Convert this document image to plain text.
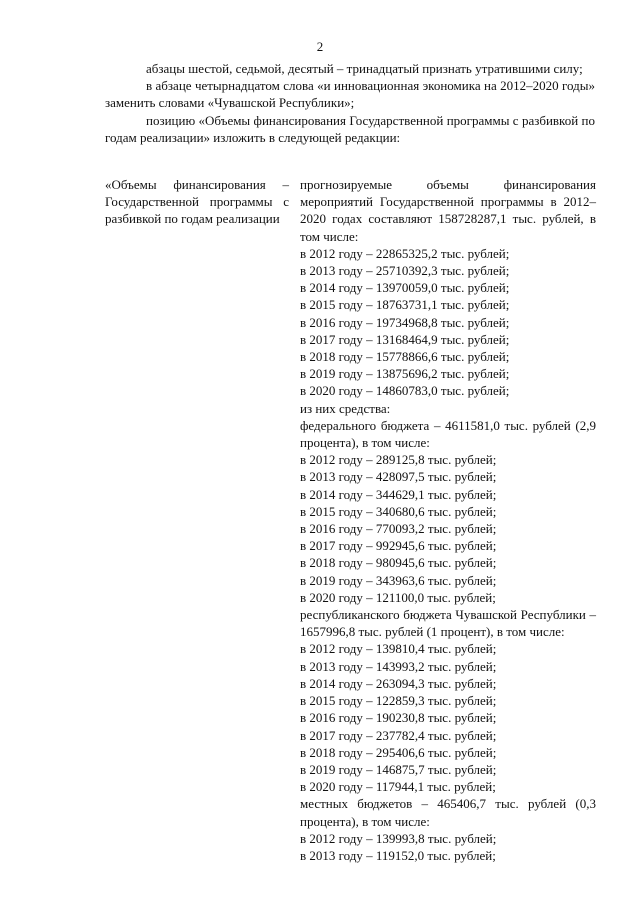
2

абзацы шестой, седьмой, десятый – тринадцатый признать утратившими силу;

в абзаце четырнадцатом слова «и инновационная экономика на 2012–2020 годы» заменить словами «Чувашской Республики»;

позицию «Объемы финансирования Государственной программы с разбивкой по годам реализации» изложить в следующей редакции:

«Объемы финансирования – Государственной программы с разбивкой по годам реализации
прогнозируемые объемы финансирования мероприятий Государственной программы в 2012–2020 годах составляют 158728287,1 тыс. рублей, в том числе:
в 2012 году – 22865325,2 тыс. рублей;
в 2013 году – 25710392,3 тыс. рублей;
в 2014 году – 13970059,0 тыс. рублей;
в 2015 году – 18763731,1 тыс. рублей;
в 2016 году – 19734968,8 тыс. рублей;
в 2017 году – 13168464,9 тыс. рублей;
в 2018 году – 15778866,6 тыс. рублей;
в 2019 году – 13875696,2 тыс. рублей;
в 2020 году – 14860783,0 тыс. рублей;
из них средства:
федерального бюджета – 4611581,0 тыс. рублей (2,9 процента), в том числе:
в 2012 году – 289125,8 тыс. рублей;
в 2013 году – 428097,5 тыс. рублей;
в 2014 году – 344629,1 тыс. рублей;
в 2015 году – 340680,6 тыс. рублей;
в 2016 году – 770093,2 тыс. рублей;
в 2017 году – 992945,6 тыс. рублей;
в 2018 году – 980945,6 тыс. рублей;
в 2019 году – 343963,6 тыс. рублей;
в 2020 году – 121100,0 тыс. рублей;
республиканского бюджета Чувашской Республики – 1657996,8 тыс. рублей (1 процент), в том числе:
в 2012 году – 139810,4 тыс. рублей;
в 2013 году – 143993,2 тыс. рублей;
в 2014 году – 263094,3 тыс. рублей;
в 2015 году – 122859,3 тыс. рублей;
в 2016 году – 190230,8 тыс. рублей;
в 2017 году – 237782,4 тыс. рублей;
в 2018 году – 295406,6 тыс. рублей;
в 2019 году – 146875,7 тыс. рублей;
в 2020 году – 117944,1 тыс. рублей;
местных бюджетов – 465406,7 тыс. рублей (0,3 процента), в том числе:
в 2012 году – 139993,8 тыс. рублей;
в 2013 году – 119152,0 тыс. рублей;
